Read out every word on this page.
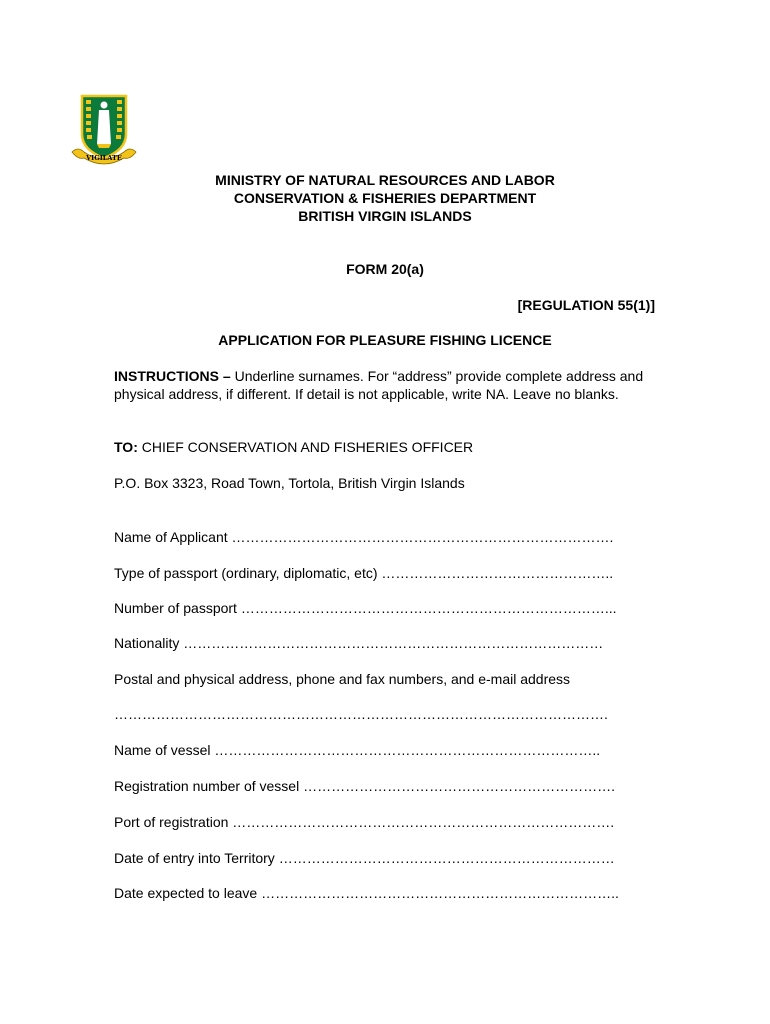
VIGILATE
MINISTRY OF NATURAL RESOURCES AND LABOR
CONSERVATION & FISHERIES DEPARTMENT
BRITISH VIRGIN ISLANDS
FORM 20(a)
[REGULATION 55(1)]
APPLICATION FOR PLEASURE FISHING LICENCE
INSTRUCTIONS – Underline surnames. For “address” provide complete address and physical address, if different. If detail is not applicable, write NA. Leave no blanks.
TO: CHIEF CONSERVATION AND FISHERIES OFFICER
P.O. Box 3323, Road Town, Tortola, British Virgin Islands
Name of Applicant ……………………………………………………………………….
Type of passport (ordinary, diplomatic, etc) …………………………………………..
Number of passport ……………………………………………………………………...
Nationality ………………………………………………………………………………
Postal and physical address, phone and fax numbers, and e-mail address
…………………………………………………………………………………………….
Name of vessel ………………………………………………………………………..
Registration number of vessel ………………………………………………………….
Port of registration ……………………………………………………………………….
Date of entry into Territory ………………………………………………………………
Date expected to leave …………………………………………………………………..
